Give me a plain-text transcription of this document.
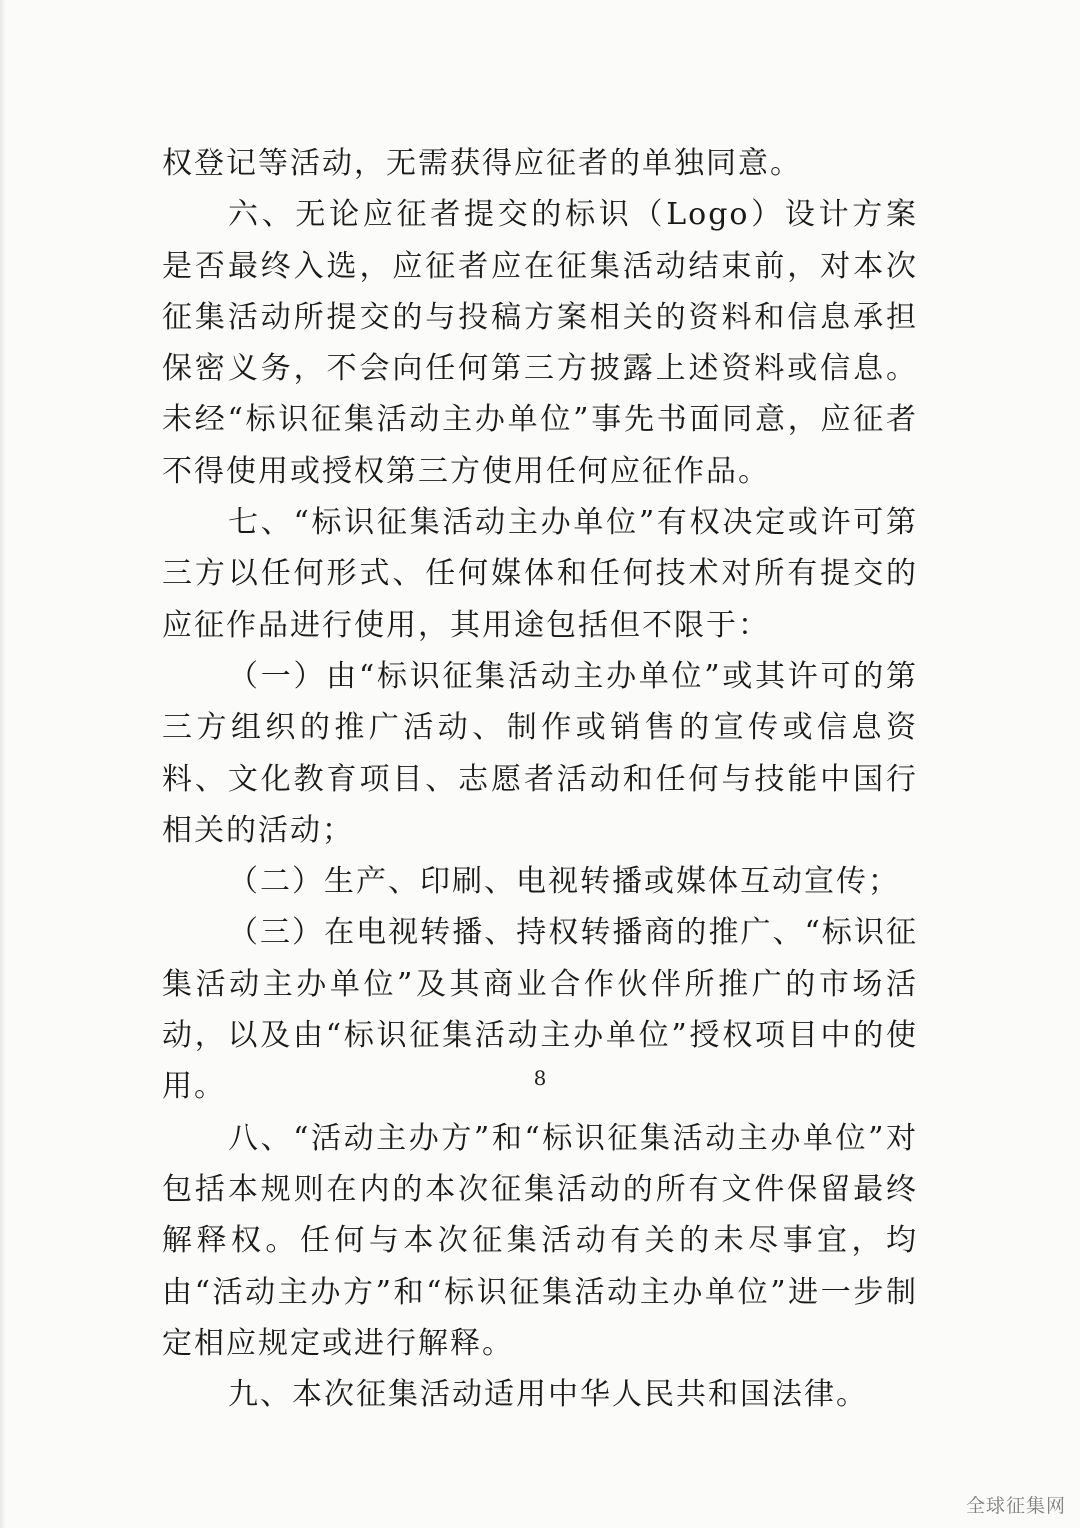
权登记等活动，无需获得应征者的单独同意。

六、无论应征者提交的标识（Logo）设计方案是否最终入选，应征者应在征集活动结束前，对本次征集活动所提交的与投稿方案相关的资料和信息承担保密义务，不会向任何第三方披露上述资料或信息。未经“标识征集活动主办单位”事先书面同意，应征者不得使用或授权第三方使用任何应征作品。

七、“标识征集活动主办单位”有权决定或许可第三方以任何形式、任何媒体和任何技术对所有提交的应征作品进行使用，其用途包括但不限于：

（一）由“标识征集活动主办单位”或其许可的第三方组织的推广活动、制作或销售的宣传或信息资料、文化教育项目、志愿者活动和任何与技能中国行相关的活动；

（二）生产、印刷、电视转播或媒体互动宣传；

（三）在电视转播、持权转播商的推广、“标识征集活动主办单位”及其商业合作伙伴所推广的市场活动，以及由“标识征集活动主办单位”授权项目中的使用。

八、“活动主办方”和“标识征集活动主办单位”对包括本规则在内的本次征集活动的所有文件保留最终解释权。任何与本次征集活动有关的未尽事宜，均由“活动主办方”和“标识征集活动主办单位”进一步制定相应规定或进行解释。

九、本次征集活动适用中华人民共和国法律。

8
全球征集网
